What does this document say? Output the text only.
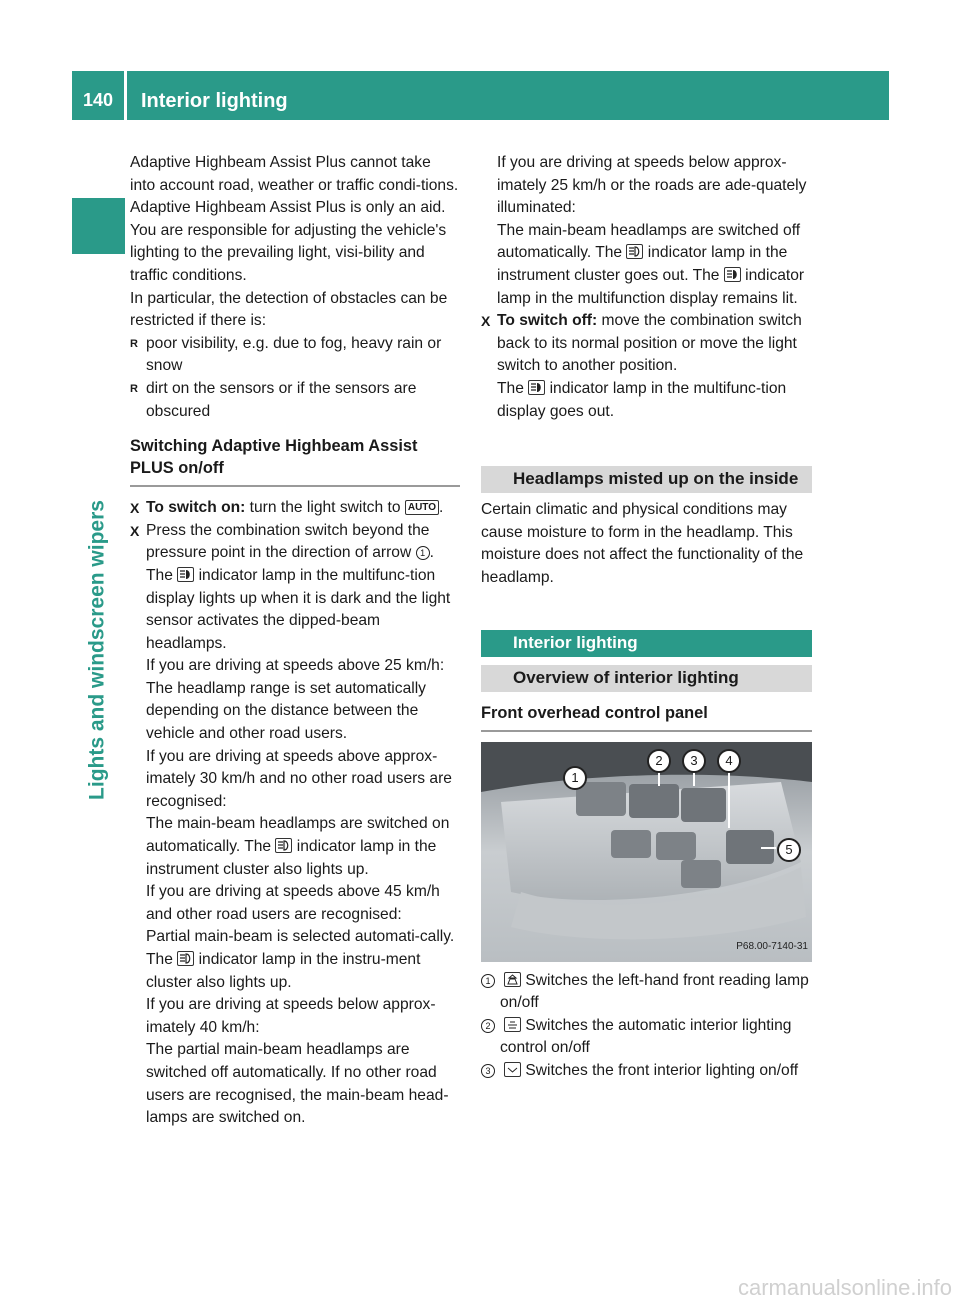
140	Interior lighting
Lights and windscreen wipers

Adaptive Highbeam Assist Plus cannot take into account road, weather or traffic condi-tions. Adaptive Highbeam Assist Plus is only an aid. You are responsible for adjusting the vehicle's lighting to the prevailing light, visi-bility and traffic conditions.

In particular, the detection of obstacles can be restricted if there is:

R poor visibility, e.g. due to fog, heavy rain or snow
R dirt on the sensors or if the sensors are obscured
Switching Adaptive Highbeam Assist PLUS on/off
X To switch on: turn the light switch to AUTO .
X Press the combination switch beyond the pressure point in the direction of arrow 1 . The indicator lamp in the multifunc-tion display lights up when it is dark and the light sensor activates the dipped-beam headlamps.

If you are driving at speeds above 25 km/h:

The headlamp range is set automatically depending on the distance between the vehicle and other road users.

If you are driving at speeds above approx-imately 30 km/h and no other road users are recognised:

The main-beam headlamps are switched on automatically. The indicator lamp in the instrument cluster also lights up.

If you are driving at speeds above 45 km/h and other road users are recognised:

Partial main-beam is selected automati-cally. The indicator lamp in the instru-ment cluster also lights up.

If you are driving at speeds below approx-imately 40 km/h:

The partial main-beam headlamps are switched off automatically. If no other road users are recognised, the main-beam head-lamps are switched on.

If you are driving at speeds below approx-imately 25 km/h or the roads are ade-quately illuminated:

The main-beam headlamps are switched off automatically. The indicator lamp in the instrument cluster goes out. The indicator lamp in the multifunction display remains lit.

X To switch off: move the combination switch back to its normal position or move the light switch to another position.
The indicator lamp in the multifunc-tion display goes out.
Headlamps misted up on the inside

Certain climatic and physical conditions may cause moisture to form in the headlamp. This moisture does not affect the functionality of the headlamp.

Interior lighting
Overview of interior lighting
Front overhead control panel
1
2	3	4
5
P68.00-7140-31
1 Switches the left-hand front reading lamp on/off
2 Switches the automatic interior lighting control on/off
3 Switches the front interior lighting on/off
carmanualsonline.info
